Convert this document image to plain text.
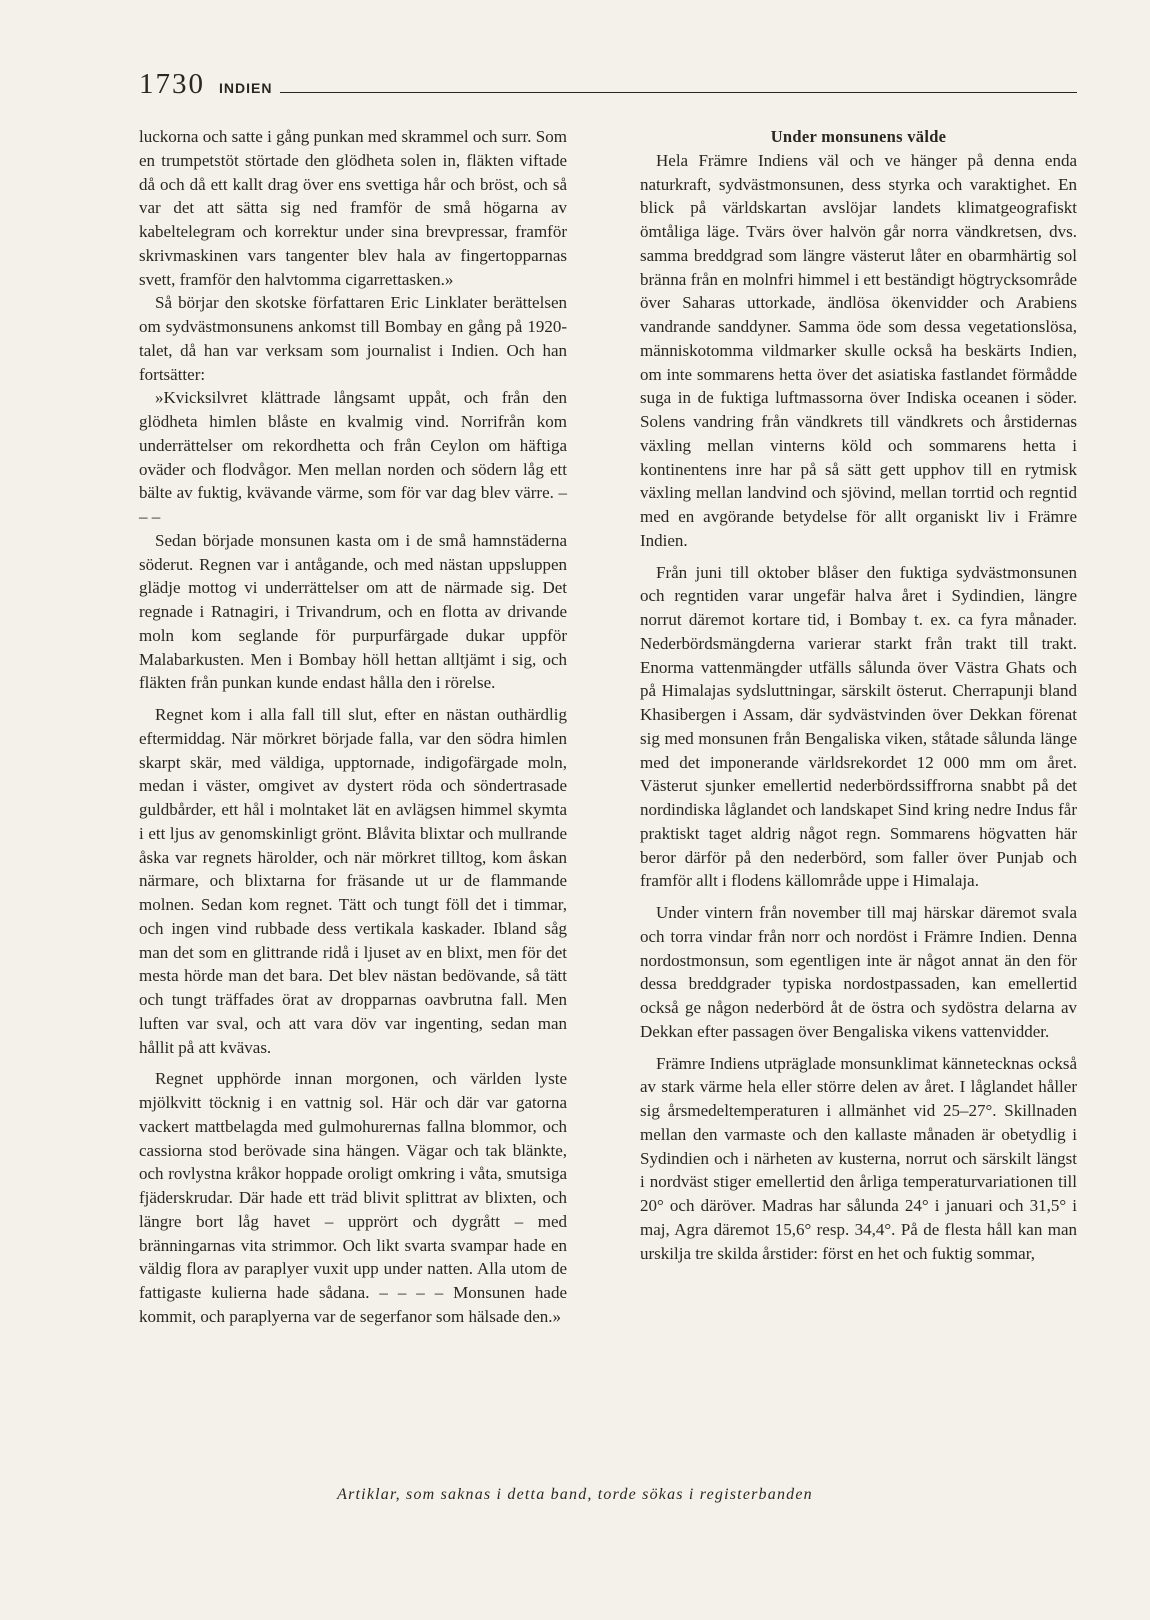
1730 INDIEN

luckorna och satte i gång punkan med skrammel och surr. Som en trumpetstöt störtade den glödheta solen in, fläkten viftade då och då ett kallt drag över ens svettiga hår och bröst, och så var det att sätta sig ned framför de små högarna av kabeltelegram och korrektur under sina brevpressar, framför skrivmaskinen vars tangenter blev hala av fingertopparnas svett, framför den halvtomma cigarrettasken.»

Så börjar den skotske författaren Eric Linklater berättelsen om sydvästmonsunens ankomst till Bombay en gång på 1920-talet, då han var verksam som journalist i Indien. Och han fortsätter:

»Kvicksilvret klättrade långsamt uppåt, och från den glödheta himlen blåste en kvalmig vind. Norrifrån kom underrättelser om rekordhetta och från Ceylon om häftiga oväder och flodvågor. Men mellan norden och södern låg ett bälte av fuktig, kvävande värme, som för var dag blev värre. – – –

Sedan började monsunen kasta om i de små hamnstäderna söderut. Regnen var i antågande, och med nästan uppsluppen glädje mottog vi underrättelser om att de närmade sig. Det regnade i Ratnagiri, i Trivandrum, och en flotta av drivande moln kom seglande för purpurfärgade dukar uppför Malabarkusten. Men i Bombay höll hettan alltjämt i sig, och fläkten från punkan kunde endast hålla den i rörelse.

Regnet kom i alla fall till slut, efter en nästan outhärdlig eftermiddag. När mörkret började falla, var den södra himlen skarpt skär, med väldiga, upptornade, indigofärgade moln, medan i väster, omgivet av dystert röda och söndertrasade guldbårder, ett hål i molntaket lät en avlägsen himmel skymta i ett ljus av genomskinligt grönt. Blåvita blixtar och mullrande åska var regnets härolder, och när mörkret tilltog, kom åskan närmare, och blixtarna for fräsande ut ur de flammande molnen. Sedan kom regnet. Tätt och tungt föll det i timmar, och ingen vind rubbade dess vertikala kaskader. Ibland såg man det som en glittrande ridå i ljuset av en blixt, men för det mesta hörde man det bara. Det blev nästan bedövande, så tätt och tungt träffades örat av dropparnas oavbrutna fall. Men luften var sval, och att vara döv var ingenting, sedan man hållit på att kvävas.

Regnet upphörde innan morgonen, och världen lyste mjölkvitt töcknig i en vattnig sol. Här och där var gatorna vackert mattbelagda med gulmohurernas fallna blommor, och cassiorna stod berövade sina hängen. Vägar och tak blänkte, och rovlystna kråkor hoppade oroligt omkring i våta, smutsiga fjäderskrudar. Där hade ett träd blivit splittrat av blixten, och längre bort låg havet – upprört och dygrått – med bränningarnas vita strimmor. Och likt svarta svampar hade en väldig flora av paraplyer vuxit upp under natten. Alla utom de fattigaste kulierna hade sådana. – – – – Monsunen hade kommit, och paraplyerna var de segerfanor som hälsade den.»

Under monsunens välde

Hela Främre Indiens väl och ve hänger på denna enda naturkraft, sydvästmonsunen, dess styrka och varaktighet. En blick på världskartan avslöjar landets klimatgeografiskt ömtåliga läge. Tvärs över halvön går norra vändkretsen, dvs. samma breddgrad som längre västerut låter en obarmhärtig sol bränna från en molnfri himmel i ett beständigt högtrycksområde över Saharas uttorkade, ändlösa ökenvidder och Arabiens vandrande sanddyner. Samma öde som dessa vegetationslösa, människotomma vildmarker skulle också ha beskärts Indien, om inte sommarens hetta över det asiatiska fastlandet förmådde suga in de fuktiga luftmassorna över Indiska oceanen i söder. Solens vandring från vändkrets till vändkrets och årstidernas växling mellan vinterns köld och sommarens hetta i kontinentens inre har på så sätt gett upphov till en rytmisk växling mellan landvind och sjövind, mellan torrtid och regntid med en avgörande betydelse för allt organiskt liv i Främre Indien.

Från juni till oktober blåser den fuktiga sydvästmonsunen och regntiden varar ungefär halva året i Sydindien, längre norrut däremot kortare tid, i Bombay t. ex. ca fyra månader. Nederbördsmängderna varierar starkt från trakt till trakt. Enorma vattenmängder utfälls sålunda över Västra Ghats och på Himalajas sydsluttningar, särskilt österut. Cherrapunji bland Khasibergen i Assam, där sydvästvinden över Dekkan förenat sig med monsunen från Bengaliska viken, ståtade sålunda länge med det imponerande världsrekordet 12 000 mm om året. Västerut sjunker emellertid nederbördssiffrorna snabbt på det nordindiska låglandet och landskapet Sind kring nedre Indus får praktiskt taget aldrig något regn. Sommarens högvatten här beror därför på den nederbörd, som faller över Punjab och framför allt i flodens källområde uppe i Himalaja.

Under vintern från november till maj härskar däremot svala och torra vindar från norr och nordöst i Främre Indien. Denna nordostmonsun, som egentligen inte är något annat än den för dessa breddgrader typiska nordostpassaden, kan emellertid också ge någon nederbörd åt de östra och sydöstra delarna av Dekkan efter passagen över Bengaliska vikens vattenvidder.

Främre Indiens utpräglade monsunklimat kännetecknas också av stark värme hela eller större delen av året. I låglandet håller sig årsmedeltemperaturen i allmänhet vid 25–27°. Skillnaden mellan den varmaste och den kallaste månaden är obetydlig i Sydindien och i närheten av kusterna, norrut och särskilt längst i nordväst stiger emellertid den årliga temperaturvariationen till 20° och däröver. Madras har sålunda 24° i januari och 31,5° i maj, Agra däremot 15,6° resp. 34,4°. På de flesta håll kan man urskilja tre skilda årstider: först en het och fuktig sommar,

Artiklar, som saknas i detta band, torde sökas i registerbanden
